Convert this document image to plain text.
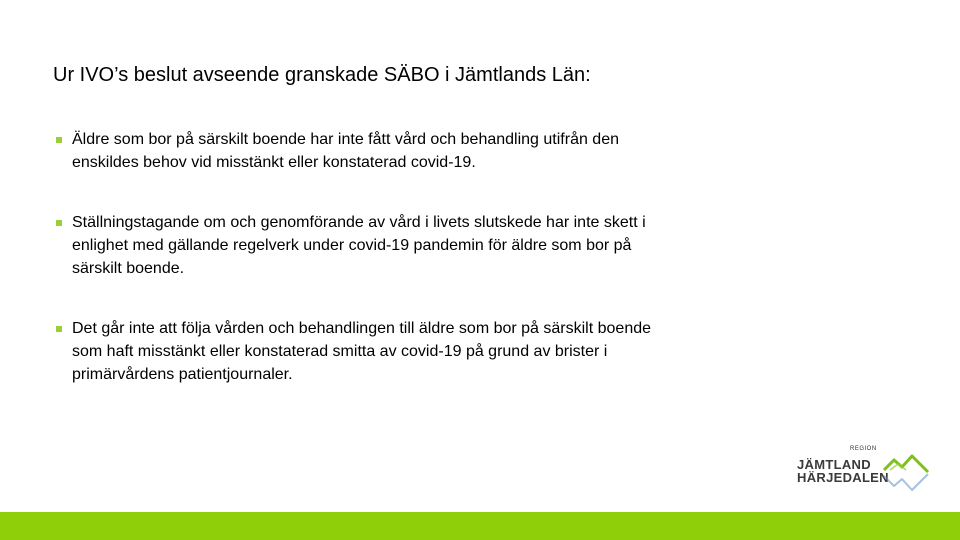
Ur IVO’s beslut avseende granskade SÄBO i Jämtlands Län:
Äldre som bor på särskilt boende har inte fått vård och behandling utifrån den enskildes behov vid misstänkt eller konstaterad covid-19.
Ställningstagande om och genomförande av vård i livets slutskede har inte skett i enlighet med gällande regelverk under covid-19 pandemin för äldre som bor på särskilt boende.
Det går inte att följa vården och behandlingen till äldre som bor på särskilt boende som haft misstänkt eller konstaterad smitta av covid-19 på grund av brister i primärvårdens patientjournaler.
REGION
JÄMTLAND
HÄRJEDALEN
